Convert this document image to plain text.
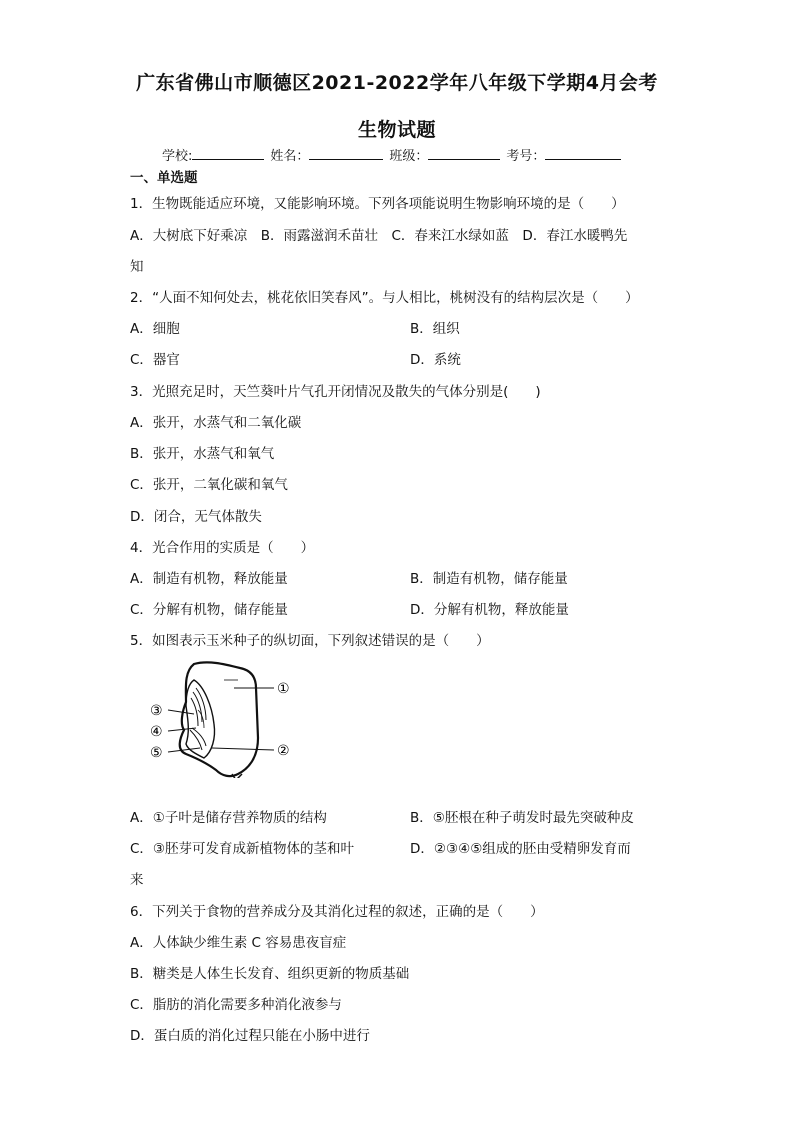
广东省佛山市顺德区2021-2022学年八年级下学期4月会考
生物试题
学校:	姓名：	班级：	考号：
一、单选题
1．生物既能适应环境，又能影响环境。下列各项能说明生物影响环境的是（　　）
A．大树底下好乘凉　B．雨露滋润禾苗壮　C．春来江水绿如蓝　D．春江水暖鸭先
知
2．“人面不知何处去，桃花依旧笑春风”。与人相比，桃树没有的结构层次是（　　）
A．细胞	B．组织
C．器官	D．系统
3．光照充足时，天竺葵叶片气孔开闭情况及散失的气体分别是(　　)
A．张开，水蒸气和二氧化碳
B．张开，水蒸气和氧气
C．张开，二氧化碳和氧气
D．闭合，无气体散失
4．光合作用的实质是（　　）
A．制造有机物，释放能量	B．制造有机物，储存能量
C．分解有机物，储存能量	D．分解有机物，释放能量
5．如图表示玉米种子的纵切面，下列叙述错误的是（　　）
①
②
③
④
⑤
A．①子叶是储存营养物质的结构	B．⑤胚根在种子萌发时最先突破种皮
C．③胚芽可发育成新植物体的茎和叶	D．②③④⑤组成的胚由受精卵发育而
来
6．下列关于食物的营养成分及其消化过程的叙述，正确的是（　　）
A．人体缺少维生素 C 容易患夜盲症
B．糖类是人体生长发育、组织更新的物质基础
C．脂肪的消化需要多种消化液参与
D．蛋白质的消化过程只能在小肠中进行
